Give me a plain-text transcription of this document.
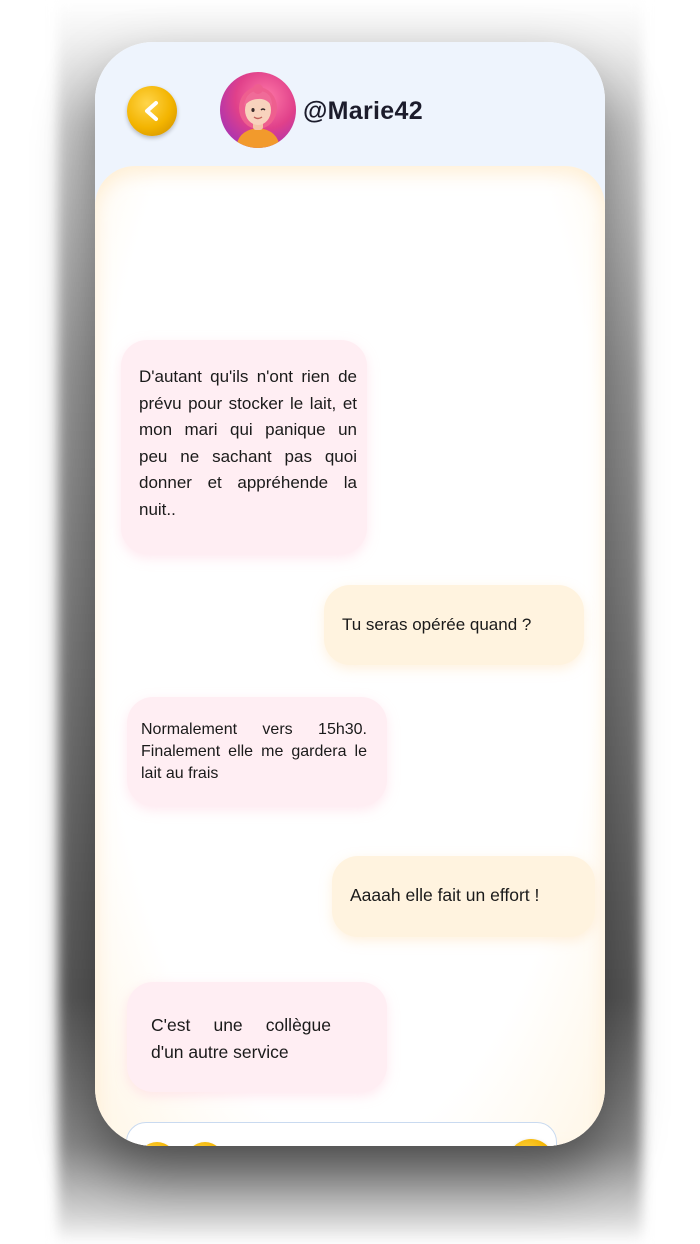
@Marie42
D'autant qu'ils n'ont rien de prévu pour stocker le lait, et mon mari qui panique un peu ne sachant pas quoi donner et appréhende la nuit..
Tu seras opérée quand ?
Normalement vers 15h30. Finalement elle me gardera le lait au frais
Aaaah elle fait un effort !
C'est une collègue d'un autre service
